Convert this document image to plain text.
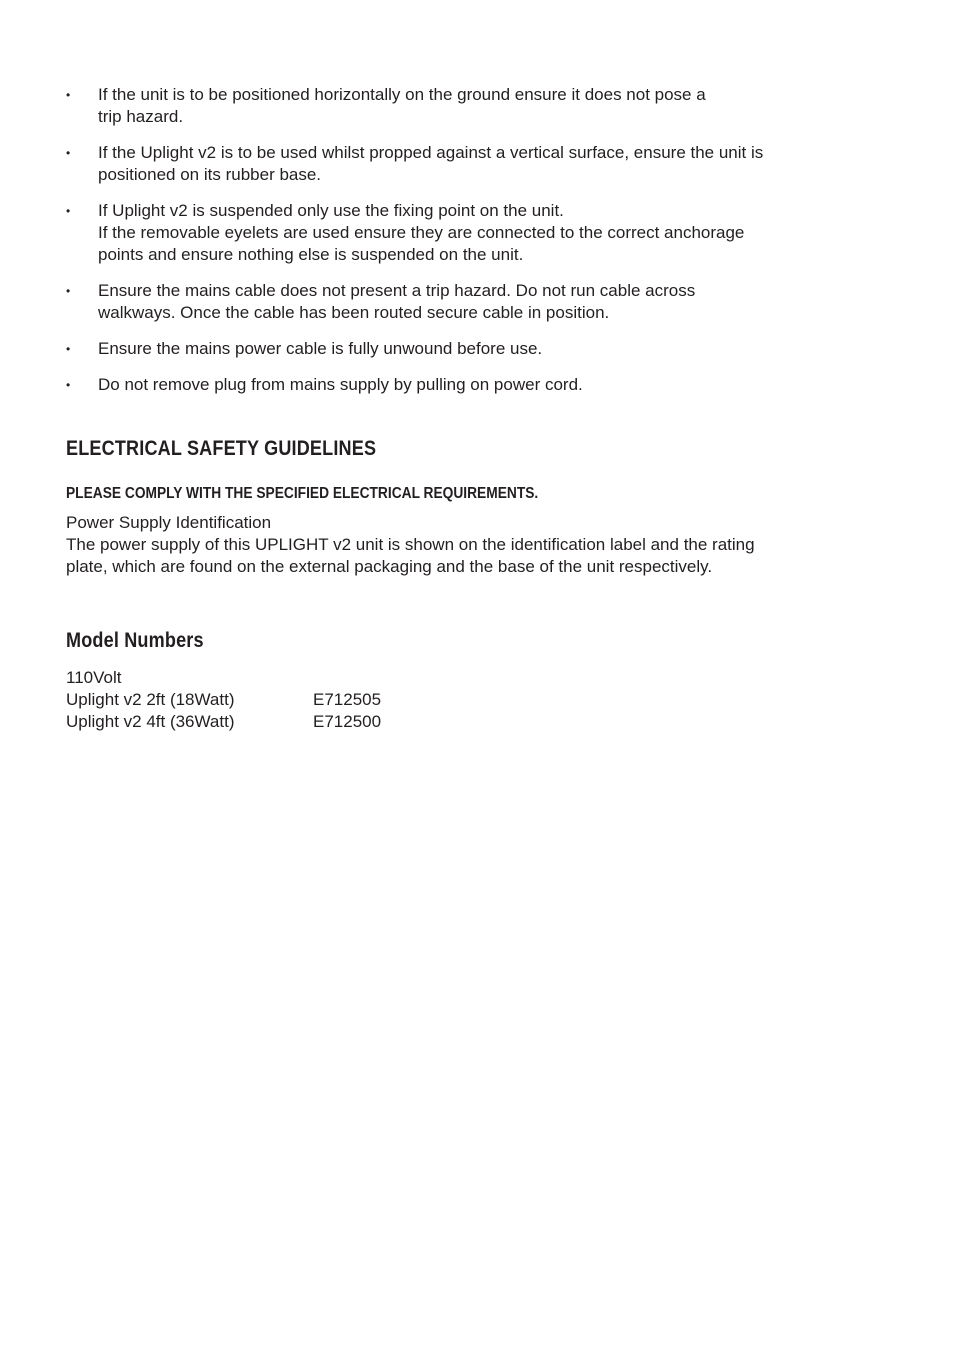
• If the unit is to be positioned horizontally on the ground ensure it does not pose a
trip hazard.
• If the Uplight v2 is to be used whilst propped against a vertical surface, ensure the unit is
positioned on its rubber base.
• If Uplight v2 is suspended only use the fixing point on the unit.
If the removable eyelets are used ensure they are connected to the correct anchorage
points and ensure nothing else is suspended on the unit.
• Ensure the mains cable does not present a trip hazard. Do not run cable across
walkways. Once the cable has been routed secure cable in position.
• Ensure the mains power cable is fully unwound before use.
• Do not remove plug from mains supply by pulling on power cord.
ELECTRICAL SAFETY GUIDELINES
PLEASE COMPLY WITH THE SPECIFIED ELECTRICAL REQUIREMENTS.

Power Supply Identification

The power supply of this UPLIGHT v2 unit is shown on the identification label and the rating

plate, which are found on the external packaging and the base of the unit respectively.

Model Numbers

110Volt

Uplight v2 2ft (18Watt)	E712505
Uplight v2 4ft (36Watt)	E712500
